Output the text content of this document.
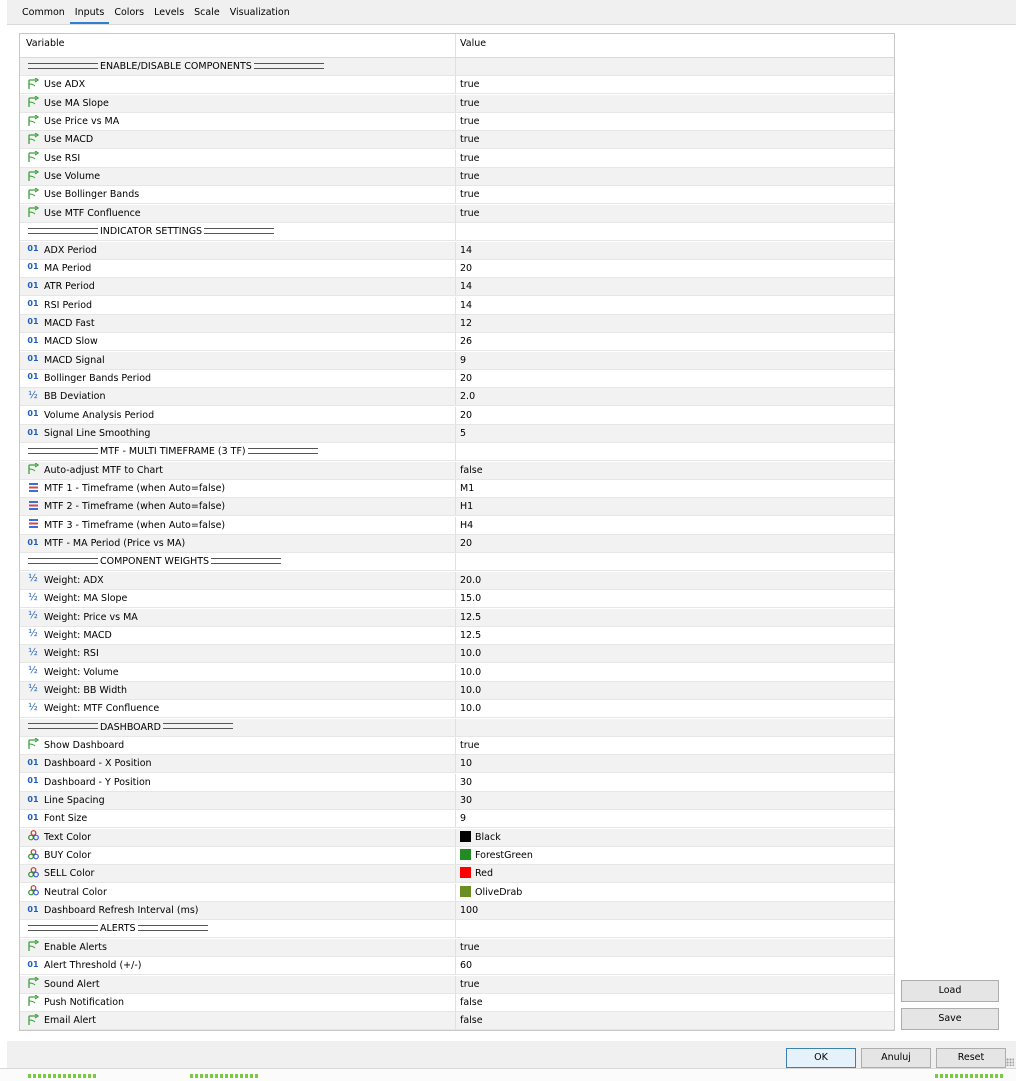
Common	Inputs	Colors	Levels	Scale	Visualization
Variable	Value
ENABLE/DISABLE COMPONENTS
Use ADX	true
Use MA Slope	true
Use Price vs MA	true
Use MACD	true
Use RSI	true
Use Volume	true
Use Bollinger Bands	true
Use MTF Confluence	true
INDICATOR SETTINGS
01 ADX Period	14
01 MA Period	20
01 ATR Period	14
01 RSI Period	14
01 MACD Fast	12
01 MACD Slow	26
01 MACD Signal	9
01 Bollinger Bands Period	20
½ BB Deviation	2.0
01 Volume Analysis Period	20
01 Signal Line Smoothing	5
MTF - MULTI TIMEFRAME (3 TF)
Auto-adjust MTF to Chart	false
MTF 1 - Timeframe (when Auto=false)	M1
MTF 2 - Timeframe (when Auto=false)	H1
MTF 3 - Timeframe (when Auto=false)	H4
01 MTF - MA Period (Price vs MA)	20
COMPONENT WEIGHTS
½ Weight: ADX	20.0
½ Weight: MA Slope	15.0
½ Weight: Price vs MA	12.5
½ Weight: MACD	12.5
½ Weight: RSI	10.0
½ Weight: Volume	10.0
½ Weight: BB Width	10.0
½ Weight: MTF Confluence	10.0
DASHBOARD
Show Dashboard	true
01 Dashboard - X Position	10
01 Dashboard - Y Position	30
01 Line Spacing	30
01 Font Size	9
Text Color	Black
BUY Color	ForestGreen
SELL Color	Red
Neutral Color	OliveDrab
01 Dashboard Refresh Interval (ms)	100
ALERTS
Enable Alerts	true
01 Alert Threshold (+/-)	60
Sound Alert	true
Push Notification	false
Email Alert	false
Load
Save
OK	Anuluj	Reset
